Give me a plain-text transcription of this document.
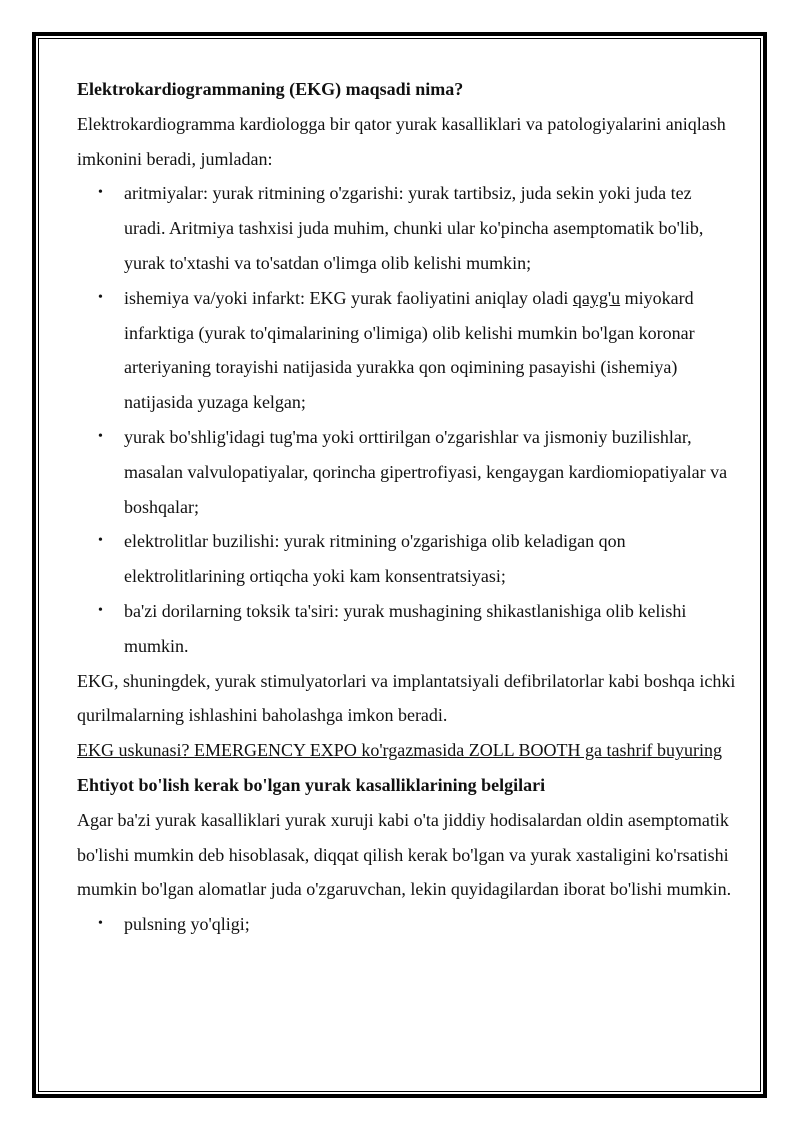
Elektrokardiogrammaning (EKG) maqsadi nima?

Elektrokardiogramma kardiologga bir qator yurak kasalliklari va patologiyalarini aniqlash imkonini beradi, jumladan:

• aritmiyalar: yurak ritmining o'zgarishi: yurak tartibsiz, juda sekin yoki juda tez uradi. Aritmiya tashxisi juda muhim, chunki ular ko'pincha asemptomatik bo'lib, yurak to'xtashi va to'satdan o'limga olib kelishi mumkin;
• ishemiya va/yoki infarkt: EKG yurak faoliyatini aniqlay oladi qayg'u miyokard infarktiga (yurak to'qimalarining o'limiga) olib kelishi mumkin bo'lgan koronar arteriyaning torayishi natijasida yurakka qon oqimining pasayishi (ishemiya) natijasida yuzaga kelgan;
• yurak bo'shlig'idagi tug'ma yoki orttirilgan o'zgarishlar va jismoniy buzilishlar, masalan valvulopatiyalar, qorincha gipertrofiyasi, kengaygan kardiomiopatiyalar va boshqalar;
• elektrolitlar buzilishi: yurak ritmining o'zgarishiga olib keladigan qon elektrolitlarining ortiqcha yoki kam konsentratsiyasi;
• ba'zi dorilarning toksik ta'siri: yurak mushagining shikastlanishiga olib kelishi mumkin.

EKG, shuningdek, yurak stimulyatorlari va implantatsiyali defibrilatorlar kabi boshqa ichki qurilmalarning ishlashini baholashga imkon beradi.

EKG uskunasi? EMERGENCY EXPO ko'rgazmasida ZOLL BOOTH ga tashrif buyuring

Ehtiyot bo'lish kerak bo'lgan yurak kasalliklarining belgilari

Agar ba'zi yurak kasalliklari yurak xuruji kabi o'ta jiddiy hodisalardan oldin asemptomatik bo'lishi mumkin deb hisoblasak, diqqat qilish kerak bo'lgan va yurak xastaligini ko'rsatishi mumkin bo'lgan alomatlar juda o'zgaruvchan, lekin quyidagilardan iborat bo'lishi mumkin.

• pulsning yo'qligi;
